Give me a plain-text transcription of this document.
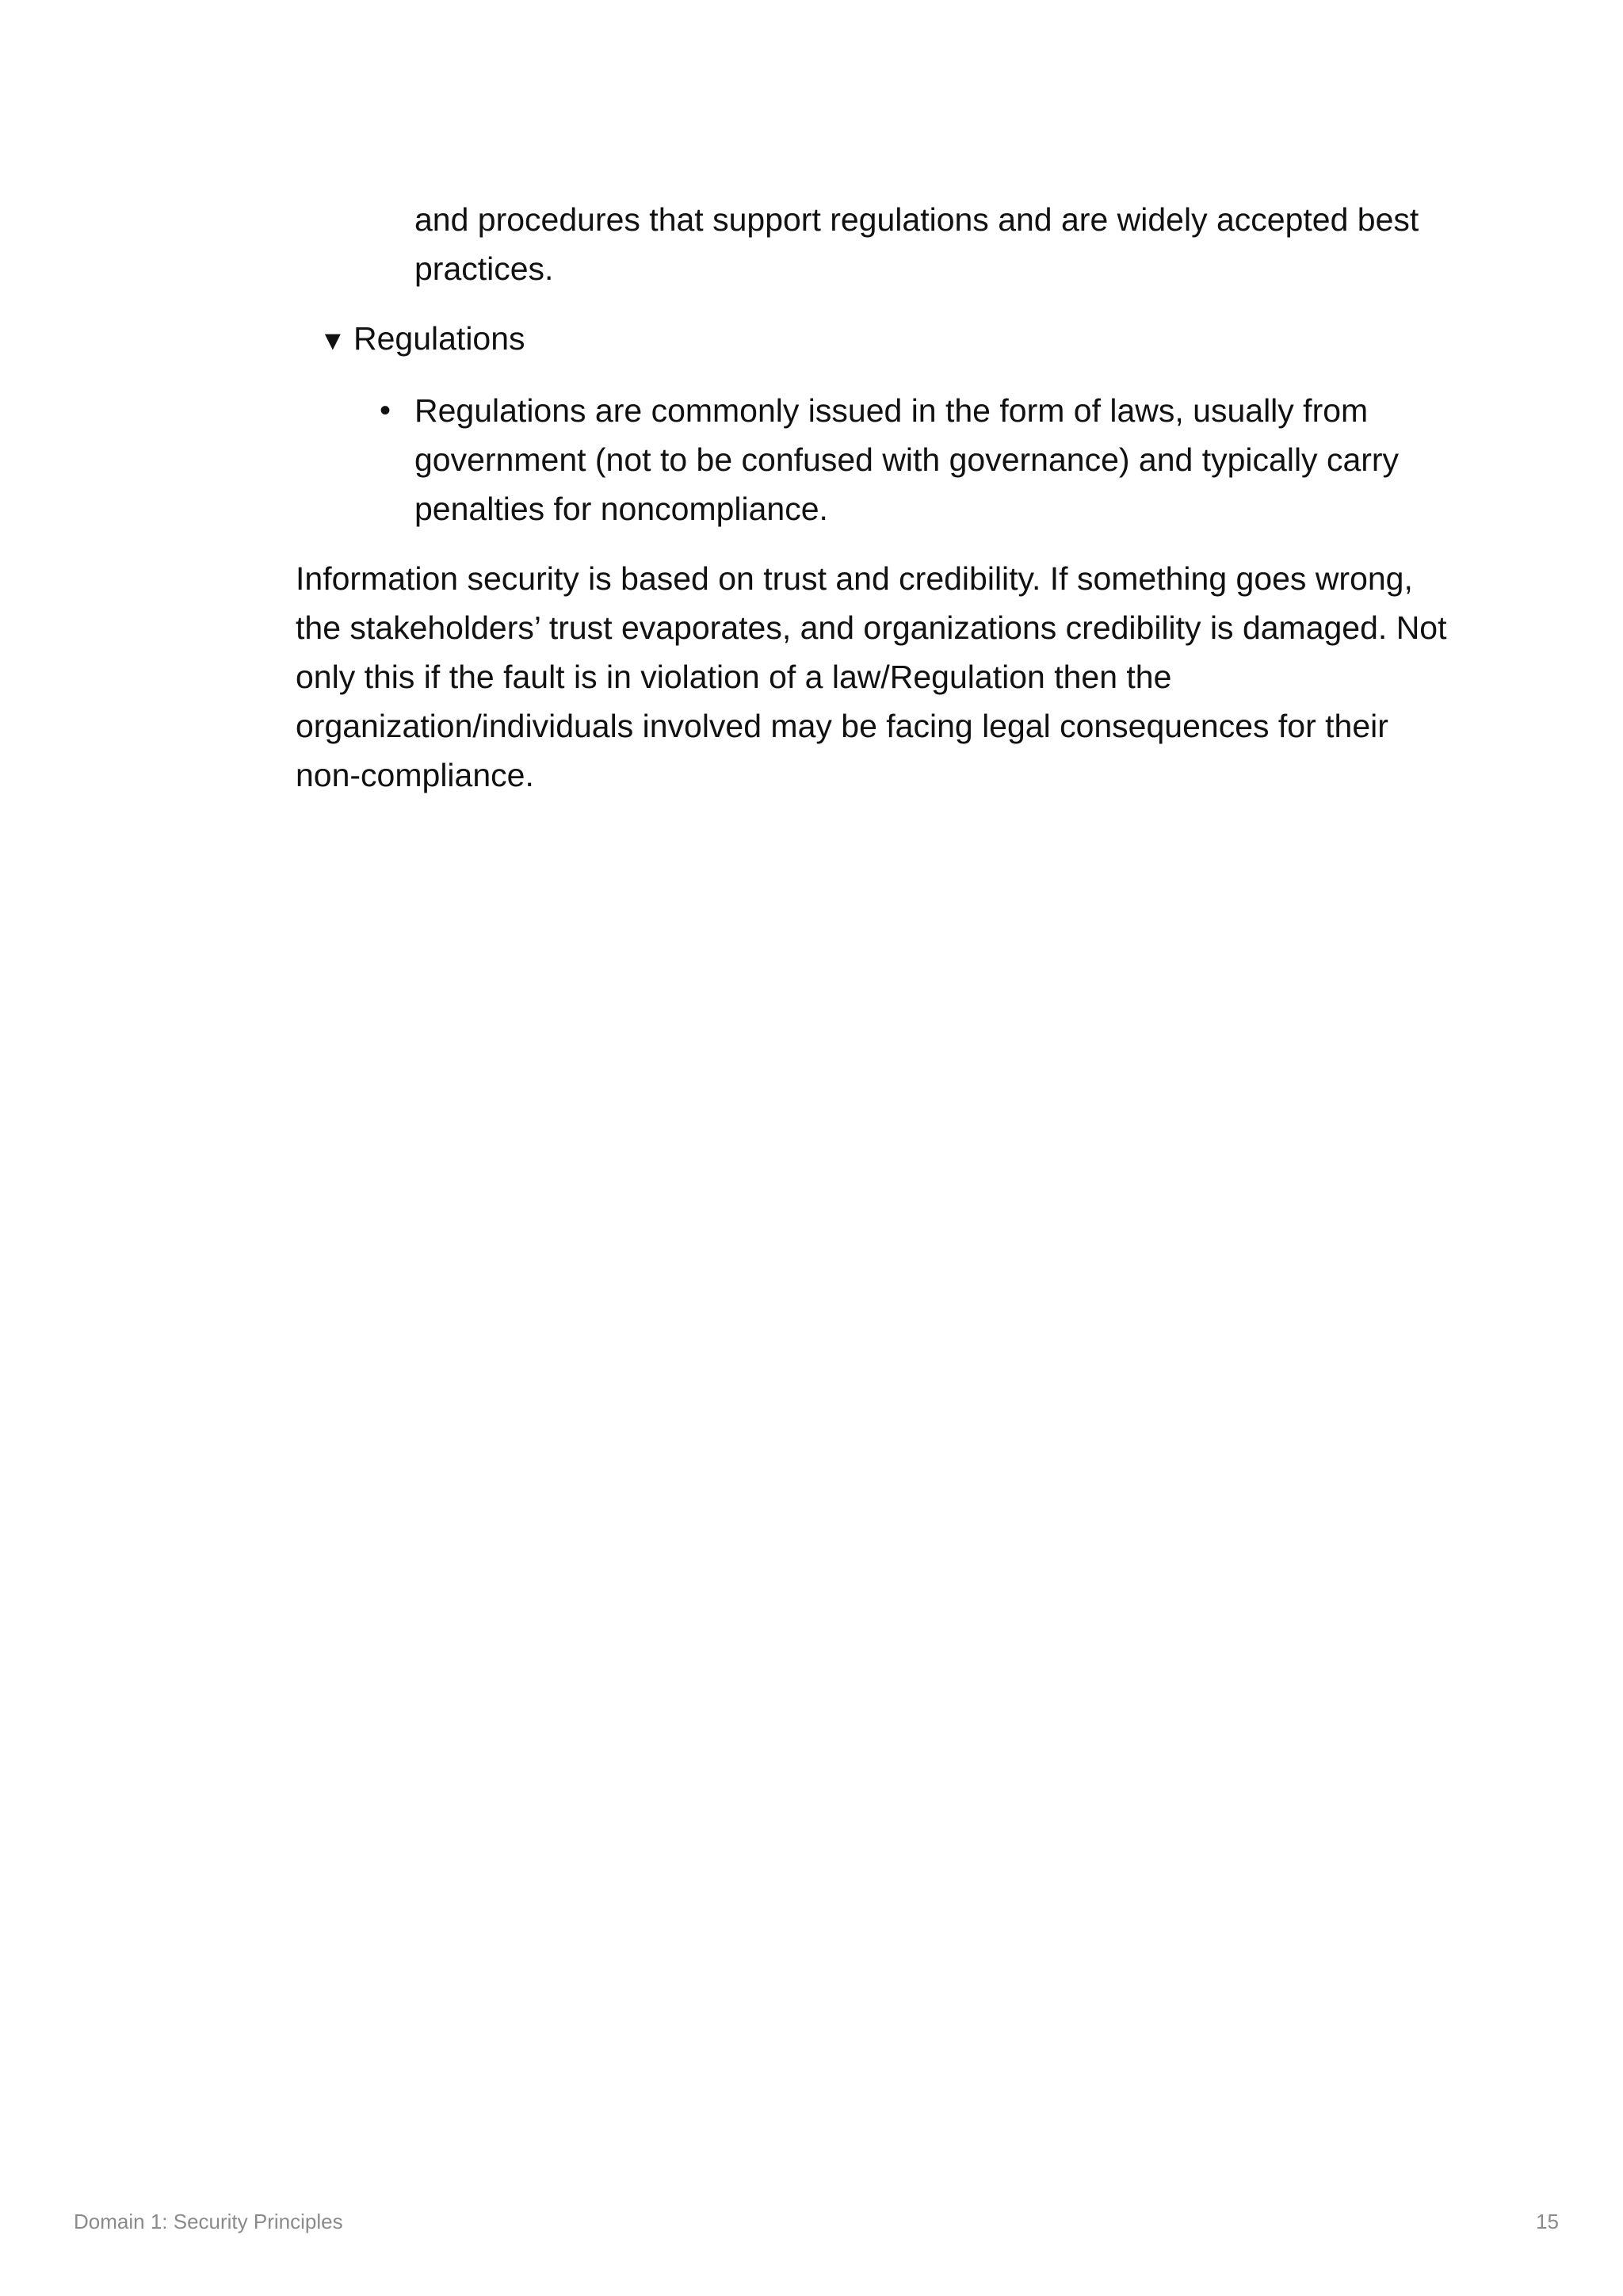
and procedures that support regulations and are widely accepted best practices.

▼ Regulations
• Regulations are commonly issued in the form of laws, usually from government (not to be confused with governance) and typically carry penalties for noncompliance.

Information security is based on trust and credibility. If something goes wrong, the stakeholders’ trust evaporates, and organizations credibility is damaged. Not only this if the fault is in violation of a law/Regulation then the organization/individuals involved may be facing legal consequences for their non-compliance.

Domain 1: Security Principles	15
